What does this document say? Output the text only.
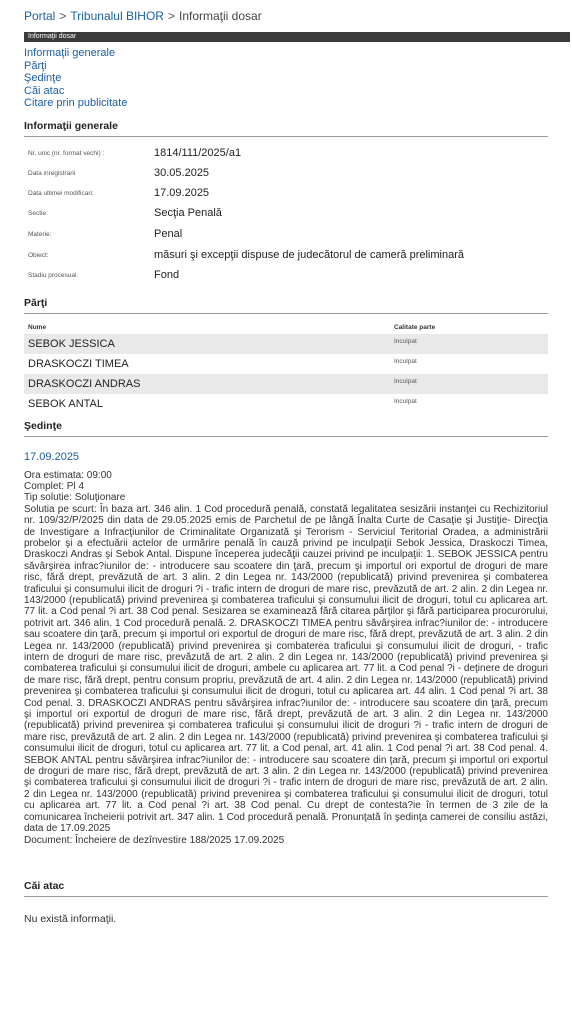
Portal > Tribunalul BIHOR > Informaţii dosar
Informaţii dosar
Informaţii generale
Părţi
Şedinţe
Căi atac
Citare prin publicitate
Informaţii generale
Nr. unic (nr. format vechi) :	1814/111/2025/a1
Data inregistrarii	30.05.2025
Data ultimei modificari:	17.09.2025
Sectie:	Secţia Penală
Materie:	Penal
Obiect:	măsuri şi excepţii dispuse de judecătorul de cameră preliminară
Stadiu procesual:	Fond
Părţi
Nume	Calitate parte
SEBOK JESSICA	Inculpat
DRASKOCZI TIMEA	Inculpat
DRASKOCZI ANDRAS	Inculpat
SEBOK ANTAL	Inculpat
Şedinţe
17.09.2025
Ora estimata: 09:00
Complet: Pl 4
Tip solutie: Soluţionare
Solutia pe scurt: În baza art. 346 alin. 1 Cod procedură penală, constată legalitatea sesizării instanţei cu Rechizitoriul nr. 109/32/P/2025 din data de 29.05.2025 emis de Parchetul de pe lângă Înalta Curte de Casaţie şi Justiţie- Direcţia de Investigare a Infracţiunilor de Criminalitate Organizată şi Terorism - Serviciul Teritorial Oradea, a administrării probelor şi a efectuării actelor de urmărire penală în cauză privind pe inculpaţii Sebok Jessica, Draskoczi Timea, Draskoczi Andras şi Sebok Antal. Dispune începerea judecăţii cauzei privind pe inculpaţii: 1. SEBOK JESSICA pentru săvârşirea infrac?iunilor de: - introducere sau scoatere din ţară, precum şi importul ori exportul de droguri de mare risc, fără drept, prevăzută de art. 3 alin. 2 din Legea nr. 143/2000 (republicată) privind prevenirea şi combaterea traficului şi consumului ilicit de droguri ?i - trafic intern de droguri de mare risc, prevăzută de art. 2 alin. 2 din Legea nr. 143/2000 (republicată) privind prevenirea şi combaterea traficului şi consumului ilicit de droguri, totul cu aplicarea art. 77 lit. a Cod penal ?i art. 38 Cod penal. Sesizarea se examinează fără citarea părţilor şi fără participarea procurorului, potrivit art. 346 alin. 1 Cod procedură penală. 2. DRASKOCZI TIMEA pentru săvârşirea infrac?iunilor de: - introducere sau scoatere din ţară, precum şi importul ori exportul de droguri de mare risc, fără drept, prevăzută de art. 3 alin. 2 din Legea nr. 143/2000 (republicată) privind prevenirea şi combaterea traficului şi consumului ilicit de droguri, - trafic intern de droguri de mare risc, prevăzută de art. 2 alin. 2 din Legea nr. 143/2000 (republicată) privind prevenirea şi combaterea traficului şi consumului ilicit de droguri, ambele cu aplicarea art. 77 lit. a Cod penal ?i - deţinere de droguri de mare risc, fără drept, pentru consum propriu, prevăzută de art. 4 alin. 2 din Legea nr. 143/2000 (republicată) privind prevenirea şi combaterea traficului şi consumului ilicit de droguri, totul cu aplicarea art. 44 alin. 1 Cod penal ?i art. 38 Cod penal. 3. DRASKOCZI ANDRAS pentru săvârşirea infrac?iunilor de: - introducere sau scoatere din ţară, precum şi importul ori exportul de droguri de mare risc, fără drept, prevăzută de art. 3 alin. 2 din Legea nr. 143/2000 (republicată) privind prevenirea şi combaterea traficului şi consumului ilicit de droguri ?i - trafic intern de droguri de mare risc, prevăzută de art. 2 alin. 2 din Legea nr. 143/2000 (republicată) privind prevenirea şi combaterea traficului şi consumului ilicit de droguri, totul cu aplicarea art. 77 lit. a Cod penal, art. 41 alin. 1 Cod penal ?i art. 38 Cod penal. 4. SEBOK ANTAL pentru săvârşirea infrac?iunilor de: - introducere sau scoatere din ţară, precum şi importul ori exportul de droguri de mare risc, fără drept, prevăzută de art. 3 alin. 2 din Legea nr. 143/2000 (republicată) privind prevenirea şi combaterea traficului şi consumului ilicit de droguri ?i - trafic intern de droguri de mare risc, prevăzută de art. 2 alin. 2 din Legea nr. 143/2000 (republicată) privind prevenirea şi combaterea traficului şi consumului ilicit de droguri, totul cu aplicarea art. 77 lit. a Cod penal ?i art. 38 Cod penal. Cu drept de contesta?ie în termen de 3 zile de la comunicarea încheierii potrivit art. 347 alin. 1 Cod procedură penală. Pronunţată în şedinţa camerei de consiliu astăzi, data de 17.09.2025
Document: Încheiere de dezînvestire 188/2025 17.09.2025
Căi atac
Nu există informaţii.
